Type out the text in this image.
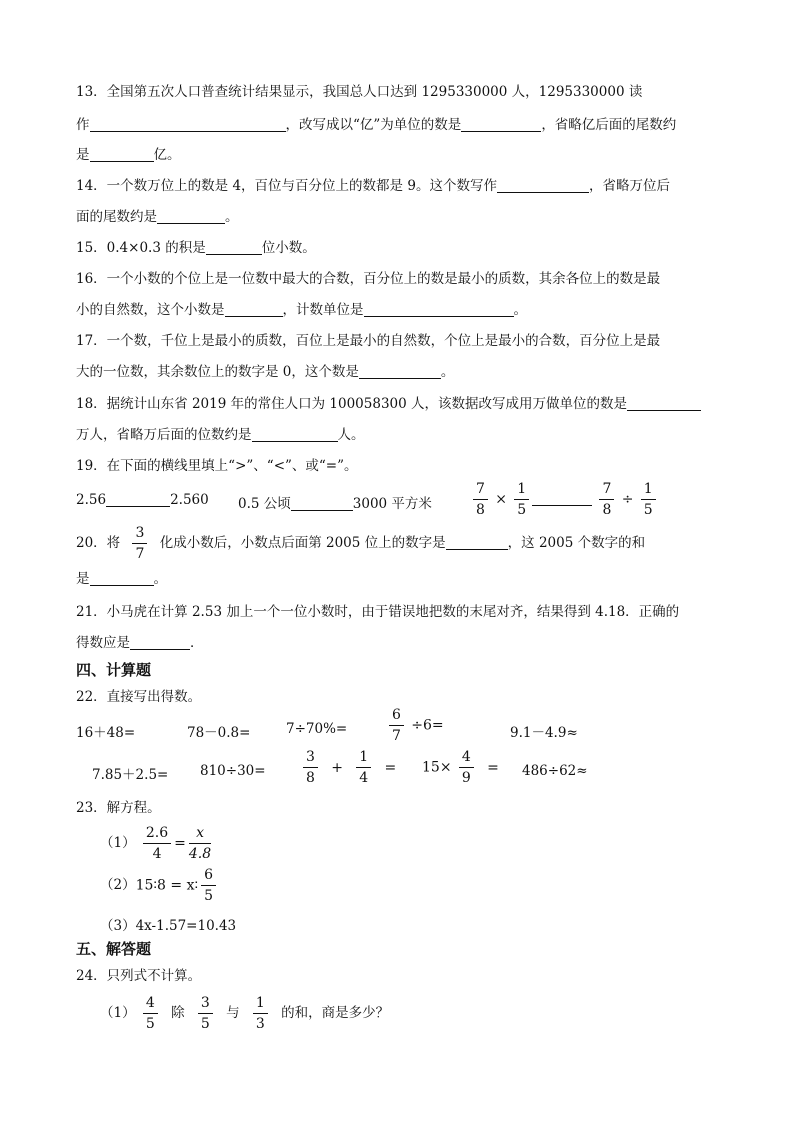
13．全国第五次人口普查统计结果显示，我国总人口达到 1295330000 人，1295330000 读
作	，改写成以“亿”为单位的数是	，省略亿后面的尾数约
是	亿。
14．一个数万位上的数是 4，百位与百分位上的数都是 9。这个数写作	，省略万位后
面的尾数约是	。
15．0.4×0.3 的积是	位小数。
16．一个小数的个位上是一位数中最大的合数，百分位上的数是最小的质数，其余各位上的数是最
小的自然数，这个小数是	，计数单位是	。
17．一个数，千位上是最小的质数，百位上是最小的自然数，个位上是最小的合数，百分位上是最
大的一位数，其余数位上的数字是 0，这个数是	。
18．据统计山东省 2019 年的常住人口为 100058300 人，该数据改写成用万做单位的数是
万人，省略万后面的位数约是	人。
19．在下面的横线里填上“>”、“<”、或“=”。
2.56	2.560 0.5 公顷	3000 平方米	$\frac{7}{8} \times \frac{1}{5}$
	$\frac{7}{8} \div \frac{1}{5}$
20．将 $\frac{3}{7}$ 化成小数后，小数点后面第 2005 位上的数字是	，这 2005 个数字的和
是	。
21．小马虎在计算 2.53 加上一个一位小数时，由于错误地把数的末尾对齐，结果得到 4.18．正确的
得数应是	．
四、计算题
22．直接写出得数。
16＋48=	78－0.8=	7÷70%=	$\frac{6}{7} \div 6=$	9.1－4.9≈
7.85＋2.5= 810÷30=	$\frac{3}{8} + \frac{1}{4} = 15\times \frac{4}{9} = 486\div 62\approx$
23．解方程。
$(1) \frac{2.6}{4} = \frac{x}{4.8}$
（2）15∶8 = x∶ $\frac{6}{5}$
（3）4x-1.57=10.43
五、解答题
24．只列式不计算。
$(1) \frac{4}{5}$ 除 $\frac{3}{5}$ 与 $\frac{1}{3}$ 的和，商是多少？
